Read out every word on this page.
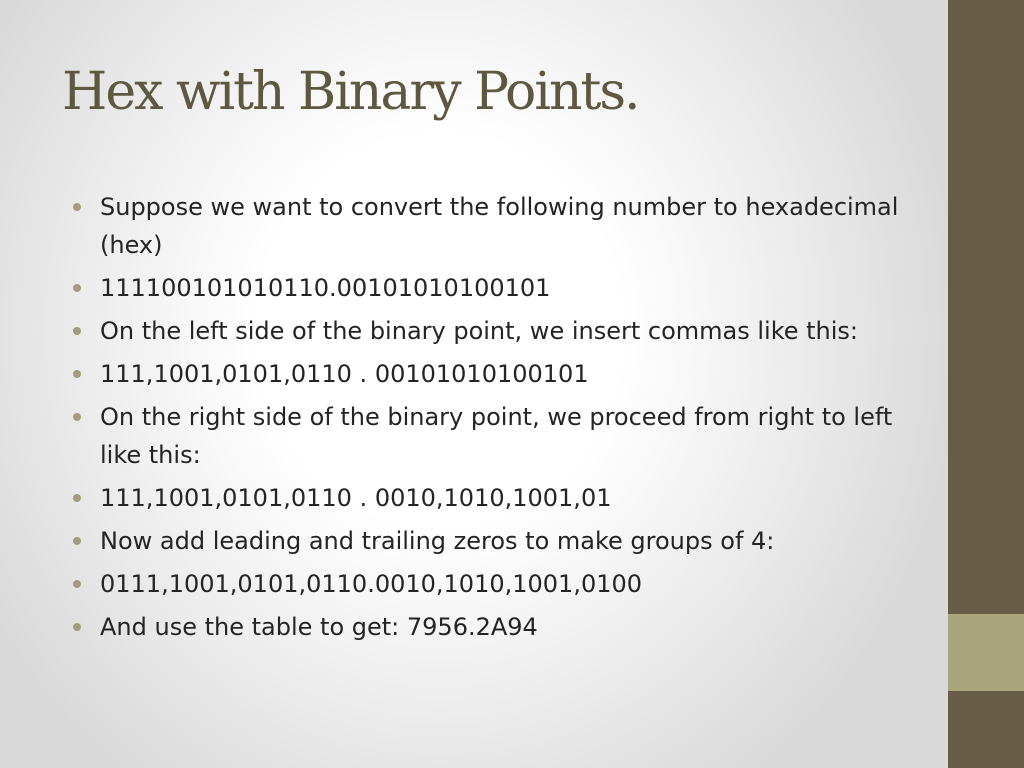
Hex with Binary Points.
Suppose we want to convert the following number to hexadecimal (hex)
111100101010110.00101010100101
On the left side of the binary point, we insert commas like this:
111,1001,0101,0110 . 00101010100101
On the right side of the binary point, we proceed from right to left like this:
111,1001,0101,0110 . 0010,1010,1001,01
Now add leading and trailing zeros to make groups of 4:
0111,1001,0101,0110.0010,1010,1001,0100
And use the table to get: 7956.2A94
